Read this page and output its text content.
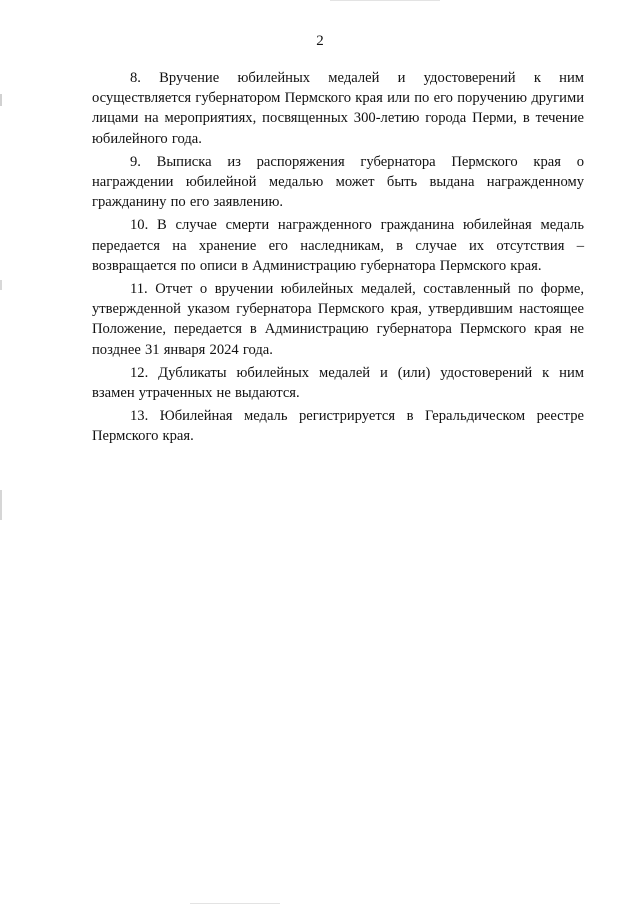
2

8. Вручение юбилейных медалей и удостоверений к ним осуществляется губернатором Пермского края или по его поручению другими лицами на мероприятиях, посвященных 300-летию города Перми, в течение юбилейного года.

9. Выписка из распоряжения губернатора Пермского края о награждении юбилейной медалью может быть выдана награжденному гражданину по его заявлению.

10. В случае смерти награжденного гражданина юбилейная медаль передается на хранение его наследникам, в случае их отсутствия – возвращается по описи в Администрацию губернатора Пермского края.

11. Отчет о вручении юбилейных медалей, составленный по форме, утвержденной указом губернатора Пермского края, утвердившим настоящее Положение, передается в Администрацию губернатора Пермского края не позднее 31 января 2024 года.

12. Дубликаты юбилейных медалей и (или) удостоверений к ним взамен утраченных не выдаются.

13. Юбилейная медаль регистрируется в Геральдическом реестре Пермского края.
